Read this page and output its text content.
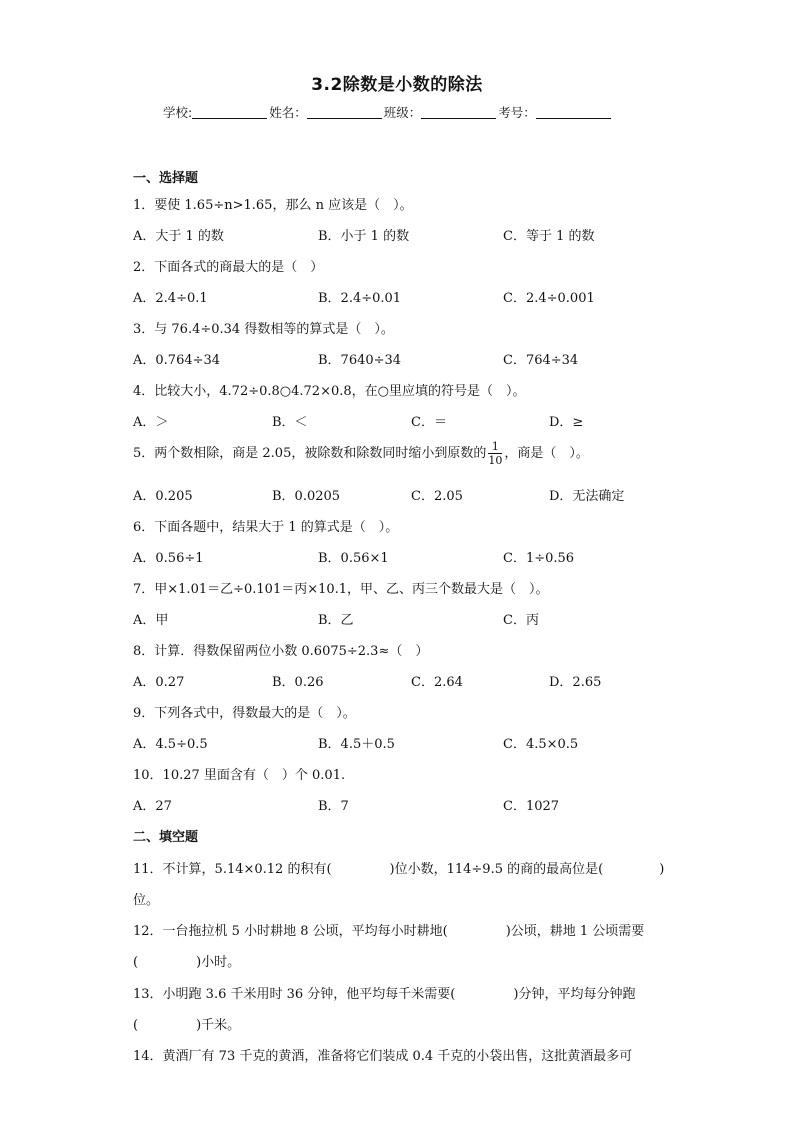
3.2除数是小数的除法
学校:	姓名：	班级：	考号：
一、选择题
1．要使 1.65÷n>1.65，那么 n 应该是（　）。
A．大于 1 的数	B．小于 1 的数	C．等于 1 的数
2．下面各式的商最大的是（　）
A．2.4÷0.1	B．2.4÷0.01	C．2.4÷0.001
3．与 76.4÷0.34 得数相等的算式是（　）。
A．0.764÷34	B．7640÷34	C．764÷34
4．比较大小，4.72÷0.8○4.72×0.8，在○里应填的符号是（　）。
A．＞	B．＜	C．＝	D．≥
5．两个数相除，商是 2.05，被除数和除数同时缩小到原数的 $\frac{1}{10}$ ，商是（　）。
A．0.205	B．0.0205	C．2.05	D．无法确定
6．下面各题中，结果大于 1 的算式是（　）。
A．0.56÷1	B．0.56×1	C．1÷0.56
7．甲×1.01＝乙÷0.101＝丙×10.1，甲、乙、丙三个数最大是（　）。
A．甲	B．乙	C．丙
8．计算．得数保留两位小数 0.6075÷2.3≈（　）
A．0.27	B．0.26	C．2.64	D．2.65
9．下列各式中，得数最大的是（　）。
A．4.5÷0.5	B．4.5＋0.5	C．4.5×0.5
10．10.27 里面含有（　）个 0.01.
A．27	B．7	C．1027
二、填空题
11．不计算，5.14×0.12 的积有(	)位小数，114÷9.5 的商的最高位是(	)
位。
12．一台拖拉机 5 小时耕地 8 公顷，平均每小时耕地(	)公顷，耕地 1 公顷需要
(	)小时。
13．小明跑 3.6 千米用时 36 分钟，他平均每千米需要(	)分钟，平均每分钟跑
(	)千米。
14．黄酒厂有 73 千克的黄酒，准备将它们装成 0.4 千克的小袋出售，这批黄酒最多可
